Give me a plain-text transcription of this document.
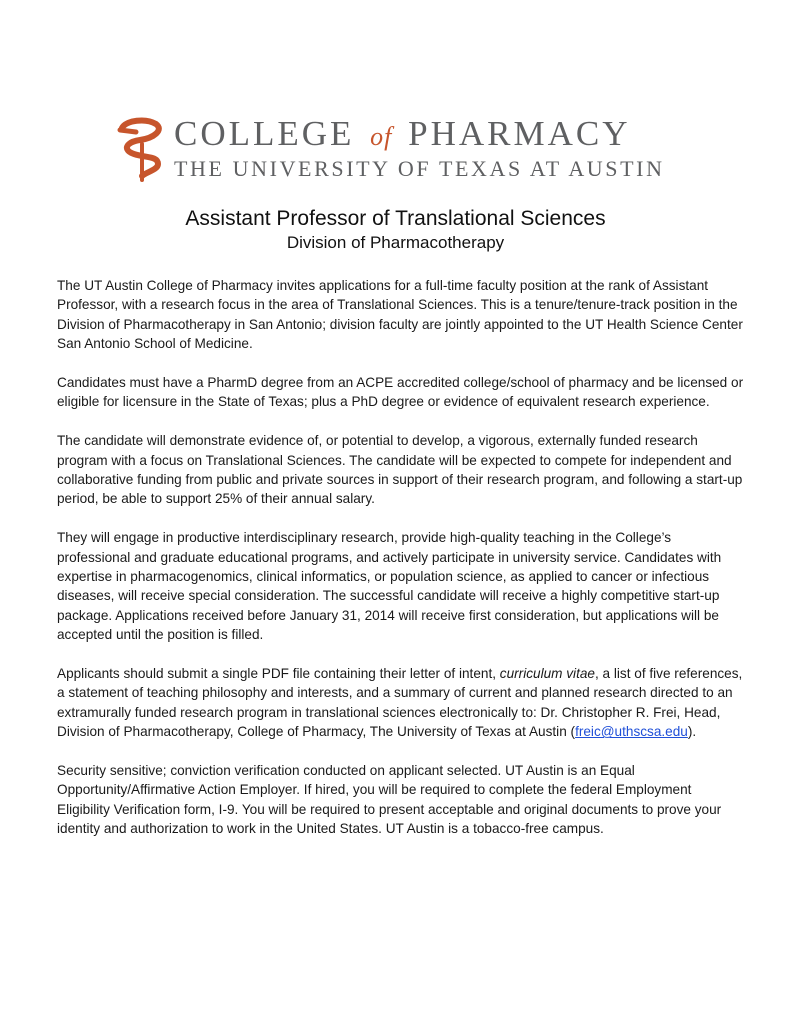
COLLEGE of PHARMACY
THE UNIVERSITY OF TEXAS AT AUSTIN
Assistant Professor of Translational Sciences
Division of Pharmacotherapy

The UT Austin College of Pharmacy invites applications for a full-time faculty position at the rank of Assistant Professor, with a research focus in the area of Translational Sciences. This is a tenure/tenure-track position in the Division of Pharmacotherapy in San Antonio; division faculty are jointly appointed to the UT Health Science Center San Antonio School of Medicine.

Candidates must have a PharmD degree from an ACPE accredited college/school of pharmacy and be licensed or eligible for licensure in the State of Texas; plus a PhD degree or evidence of equivalent research experience.

The candidate will demonstrate evidence of, or potential to develop, a vigorous, externally funded research program with a focus on Translational Sciences. The candidate will be expected to compete for independent and collaborative funding from public and private sources in support of their research program, and following a start-up period, be able to support 25% of their annual salary.

They will engage in productive interdisciplinary research, provide high-quality teaching in the College’s professional and graduate educational programs, and actively participate in university service. Candidates with expertise in pharmacogenomics, clinical informatics, or population science, as applied to cancer or infectious diseases, will receive special consideration. The successful candidate will receive a highly competitive start-up package. Applications received before January 31, 2014 will receive first consideration, but applications will be accepted until the position is filled.

Applicants should submit a single PDF file containing their letter of intent, curriculum vitae, a list of five references, a statement of teaching philosophy and interests, and a summary of current and planned research directed to an extramurally funded research program in translational sciences electronically to: Dr. Christopher R. Frei, Head, Division of Pharmacotherapy, College of Pharmacy, The University of Texas at Austin (freic@uthscsa.edu).

Security sensitive; conviction verification conducted on applicant selected. UT Austin is an Equal Opportunity/Affirmative Action Employer. If hired, you will be required to complete the federal Employment Eligibility Verification form, I-9. You will be required to present acceptable and original documents to prove your identity and authorization to work in the United States. UT Austin is a tobacco-free campus.
